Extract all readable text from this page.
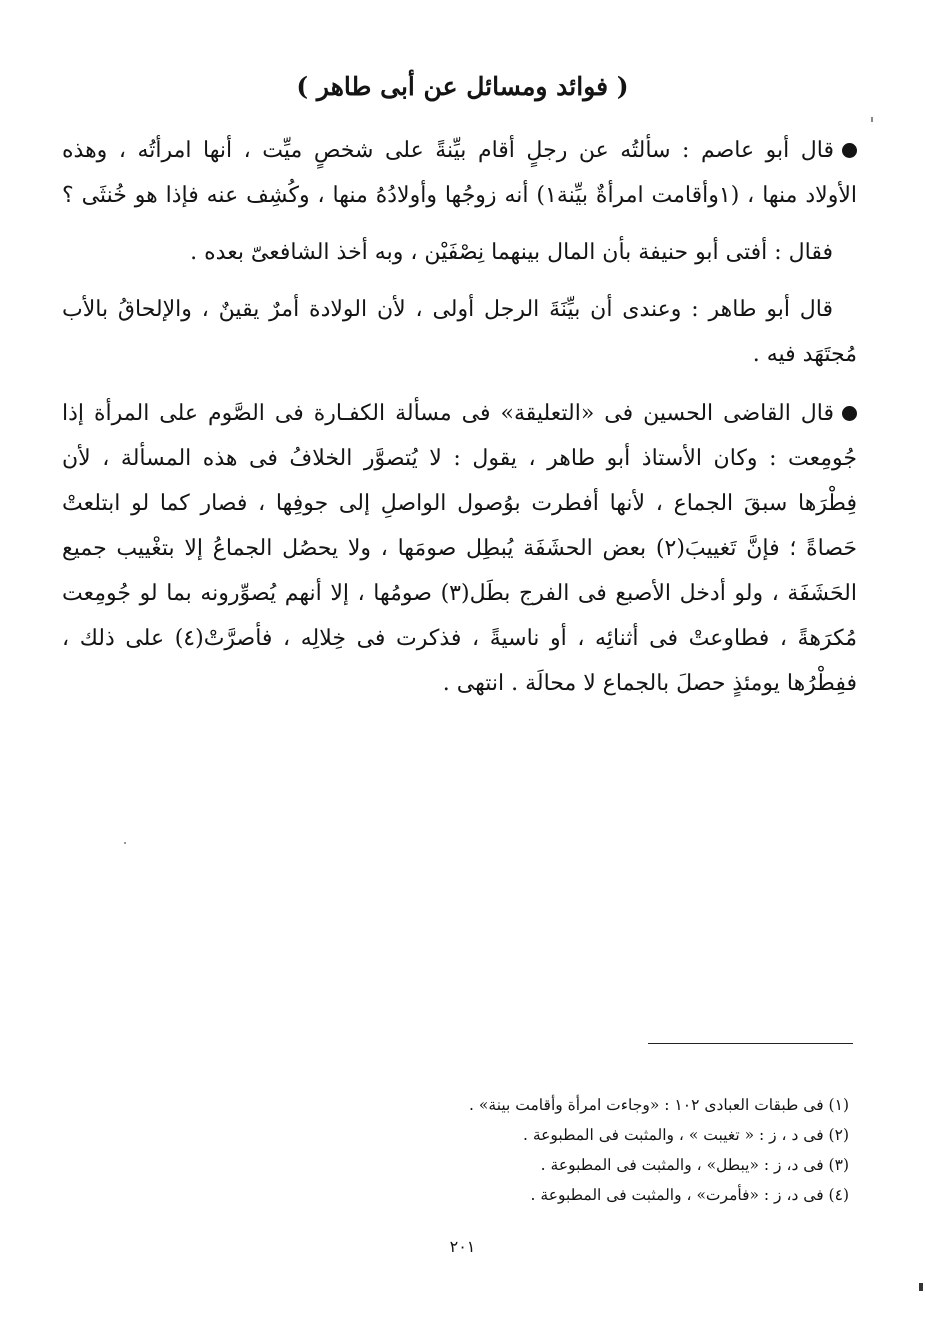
( فوائد ومسائل عن أبى طاهر )
قال أبو عاصم : سألتُه عن رجلٍ أقام بيِّنةً على شخصٍ ميِّت ، أنها امرأتُه ، وهذه
الأولاد منها ، (١وأقامت امرأةٌ بيِّنة١) أنه زوجُها وأولادُهُ منها ، وكُشِف عنه فإذا هو خُنثَى ؟
فقال : أفتى أبو حنيفة بأن المال بينهما نِصْفَيْن ، وبه أخذ الشافعىّ بعده .
قال أبو طاهر : وعندى أن بيِّنَةَ الرجل أولى ، لأن الولادة أمرٌ يقينٌ ، والإلحاقُ بالأب
مُجتَهَد فيه .
قال القاضى الحسين فى «التعليقة» فى مسألة الكفـارة فى الصَّوم على المرأة إذا
جُومِعت : وكان الأستاذ أبو طاهر ، يقول : لا يُتصوَّر الخلافُ فى هذه المسألة ، لأن
فِطْرَها سبقَ الجماع ، لأنها أفطرت بوُصول الواصلِ إلى جوفِها ، فصار كما لو ابتلعتْ
حَصاةً ؛ فإنَّ تَغييبَ(٢) بعض الحشَفَة يُبطِل صومَها ، ولا يحصُل الجماعُ إلا بتغْييب جميع
الحَشَفَة ، ولو أدخل الأصبع فى الفرج بطَل(٣) صومُها ، إلا أنهم يُصوِّرونه بما لو جُومِعت
مُكرَهةً ، فطاوعتْ فى أثنائِه ، أو ناسيةً ، فذكرت فى خِلالِه ، فأصرَّتْ(٤) على ذلك ،
ففِطْرُها يومئذٍ حصلَ بالجماع لا محالَة . انتهى .
(١) فى طبقات العبادى ١٠٢ : «وجاءت امرأة وأقامت بينة» .
(٢) فى د ، ز : « تغيبت » ، والمثبت فى المطبوعة .
(٣) فى د، ز : «يبطل» ، والمثبت فى المطبوعة .
(٤) فى د، ز : «فأمرت» ، والمثبت فى المطبوعة .
٢٠١
